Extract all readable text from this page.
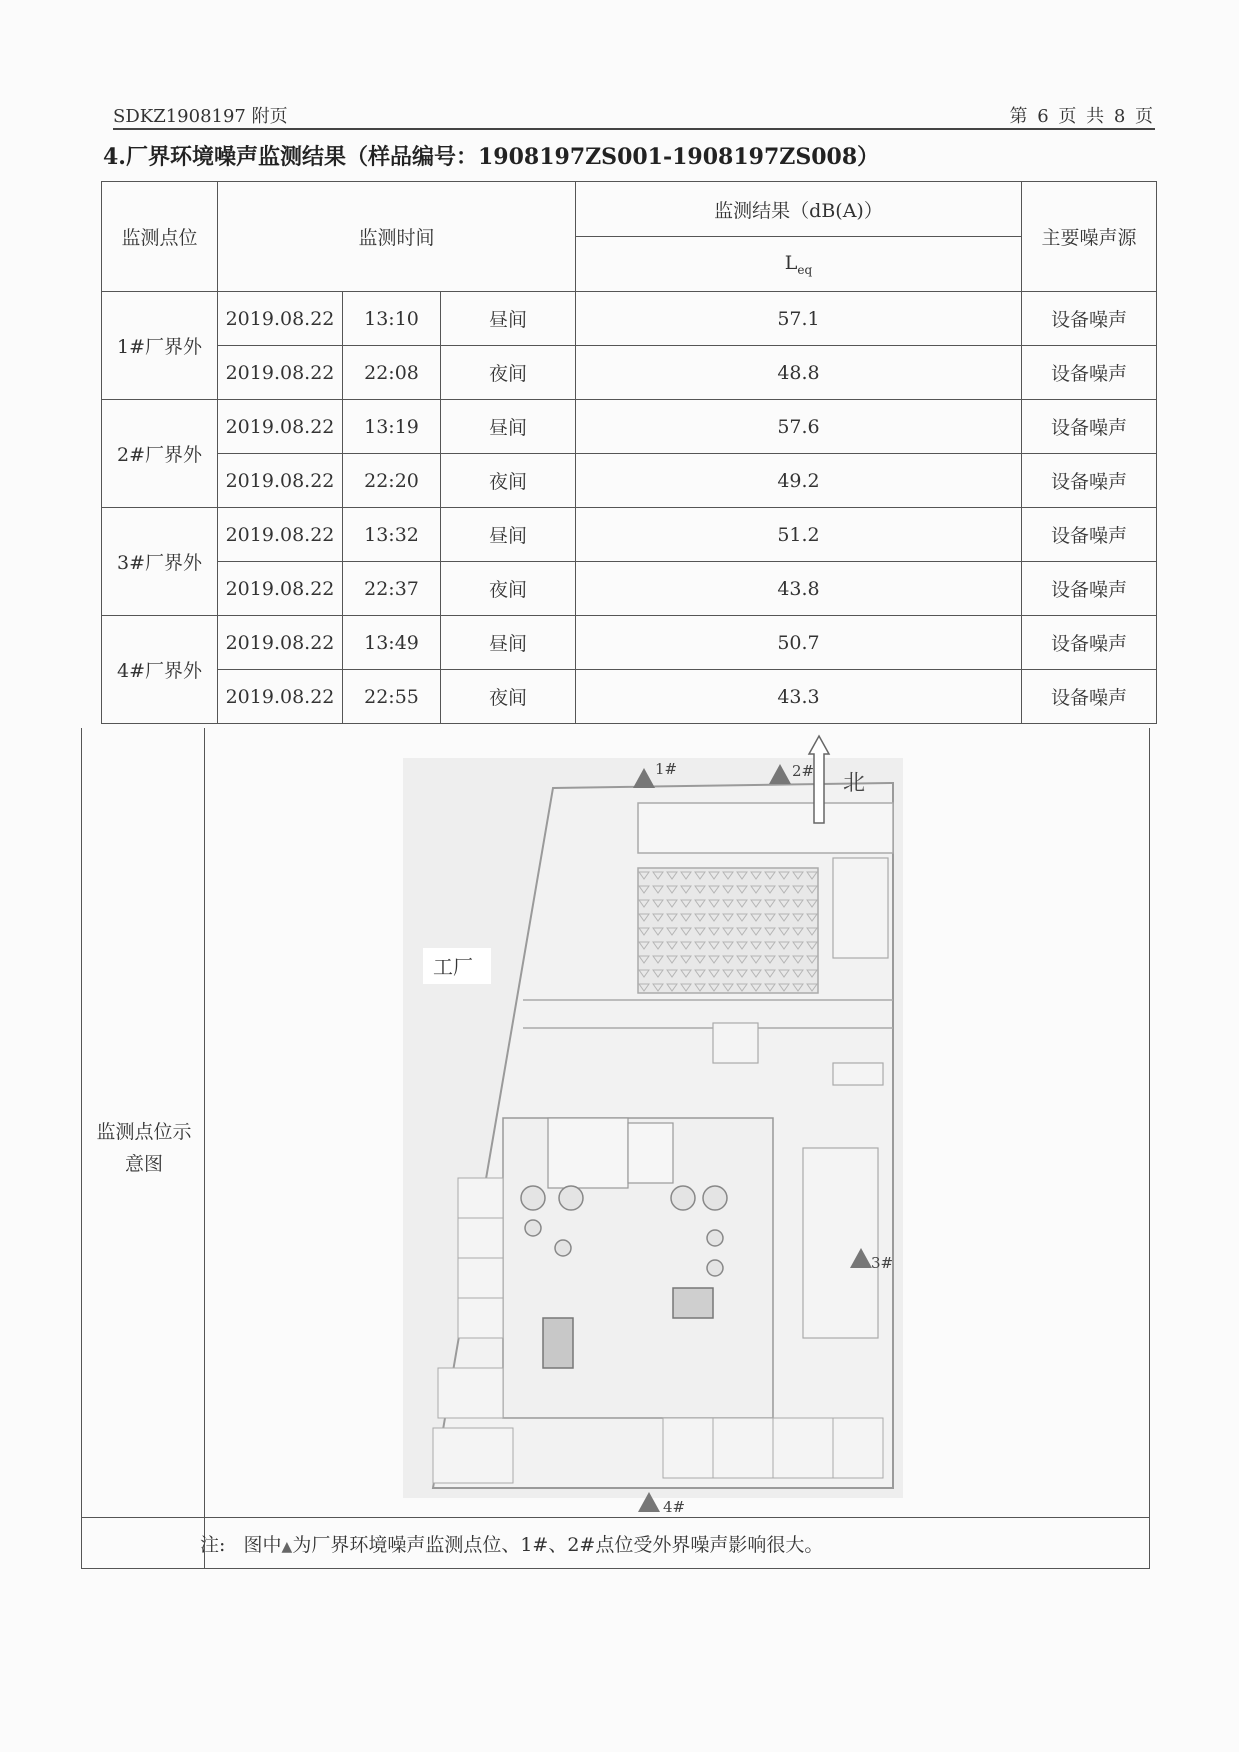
SDKZ1908197 附页	第 6 页 共 8 页
4.厂界环境噪声监测结果（样品编号：1908197ZS001-1908197ZS008）
监测点位	监测时间			监测结果（dB(A)）	主要噪声源
				$L_{eq}$
1#厂界外	2019.08.22	13:10	昼间	57.1	设备噪声
	2019.08.22	22:08	夜间	48.8	设备噪声
2#厂界外	2019.08.22	13:19	昼间	57.6	设备噪声
	2019.08.22	22:20	夜间	49.2	设备噪声
3#厂界外	2019.08.22	13:32	昼间	51.2	设备噪声
	2019.08.22	22:37	夜间	43.8	设备噪声
4#厂界外	2019.08.22	13:49	昼间	50.7	设备噪声
	2019.08.22	22:55	夜间	43.3	设备噪声
监测点位示
意图
工厂
北
1#	2#
3#
4#
注: 图中▲为厂界环境噪声监测点位、1#、2#点位受外界噪声影响很大。
